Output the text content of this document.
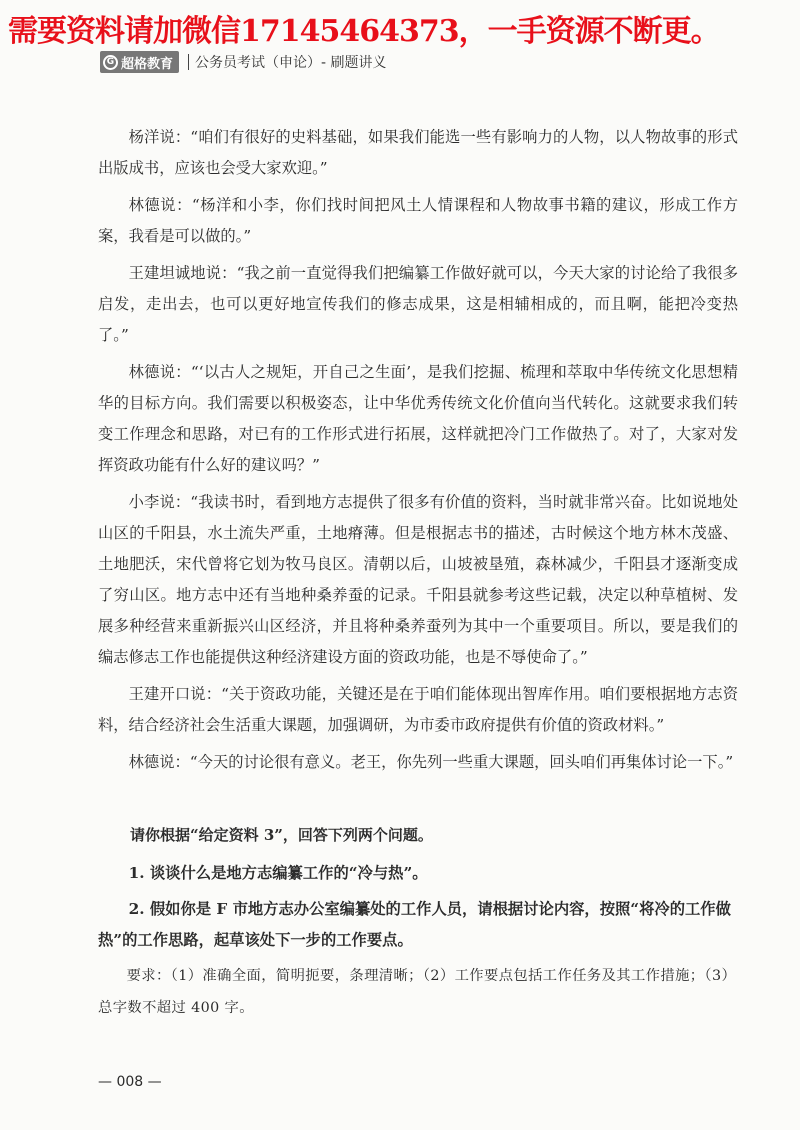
需要资料请加微信17145464373，一手资源不断更。
G 超格教育 公务员考试（申论）- 刷题讲义

杨洋说：“咱们有很好的史料基础，如果我们能选一些有影响力的人物，以人物故事的形式出版成书，应该也会受大家欢迎。”

林德说：“杨洋和小李，你们找时间把风土人情课程和人物故事书籍的建议，形成工作方案，我看是可以做的。”

王建坦诚地说：“我之前一直觉得我们把编纂工作做好就可以，今天大家的讨论给了我很多启发，走出去，也可以更好地宣传我们的修志成果，这是相辅相成的，而且啊，能把冷变热了。”

林德说：“‘以古人之规矩，开自己之生面’，是我们挖掘、梳理和萃取中华传统文化思想精华的目标方向。我们需要以积极姿态，让中华优秀传统文化价值向当代转化。这就要求我们转变工作理念和思路，对已有的工作形式进行拓展，这样就把冷门工作做热了。对了，大家对发挥资政功能有什么好的建议吗？”

小李说：“我读书时，看到地方志提供了很多有价值的资料，当时就非常兴奋。比如说地处山区的千阳县，水土流失严重，土地瘠薄。但是根据志书的描述，古时候这个地方林木茂盛、土地肥沃，宋代曾将它划为牧马良区。清朝以后，山坡被垦殖，森林减少，千阳县才逐渐变成了穷山区。地方志中还有当地种桑养蚕的记录。千阳县就参考这些记载，决定以种草植树、发展多种经营来重新振兴山区经济，并且将种桑养蚕列为其中一个重要项目。所以，要是我们的编志修志工作也能提供这种经济建设方面的资政功能，也是不辱使命了。”

王建开口说：“关于资政功能，关键还是在于咱们能体现出智库作用。咱们要根据地方志资料，结合经济社会生活重大课题，加强调研，为市委市政府提供有价值的资政材料。”

林德说：“今天的讨论很有意义。老王，你先列一些重大课题，回头咱们再集体讨论一下。”

请你根据“给定资料 3”，回答下列两个问题。

1. 谈谈什么是地方志编纂工作的“冷与热”。

2. 假如你是 F 市地方志办公室编纂处的工作人员，请根据讨论内容，按照“将冷的工作做热”的工作思路，起草该处下一步的工作要点。

要求：（1）准确全面，简明扼要，条理清晰；（2）工作要点包括工作任务及其工作措施；（3）总字数不超过 400 字。

— 008 —
